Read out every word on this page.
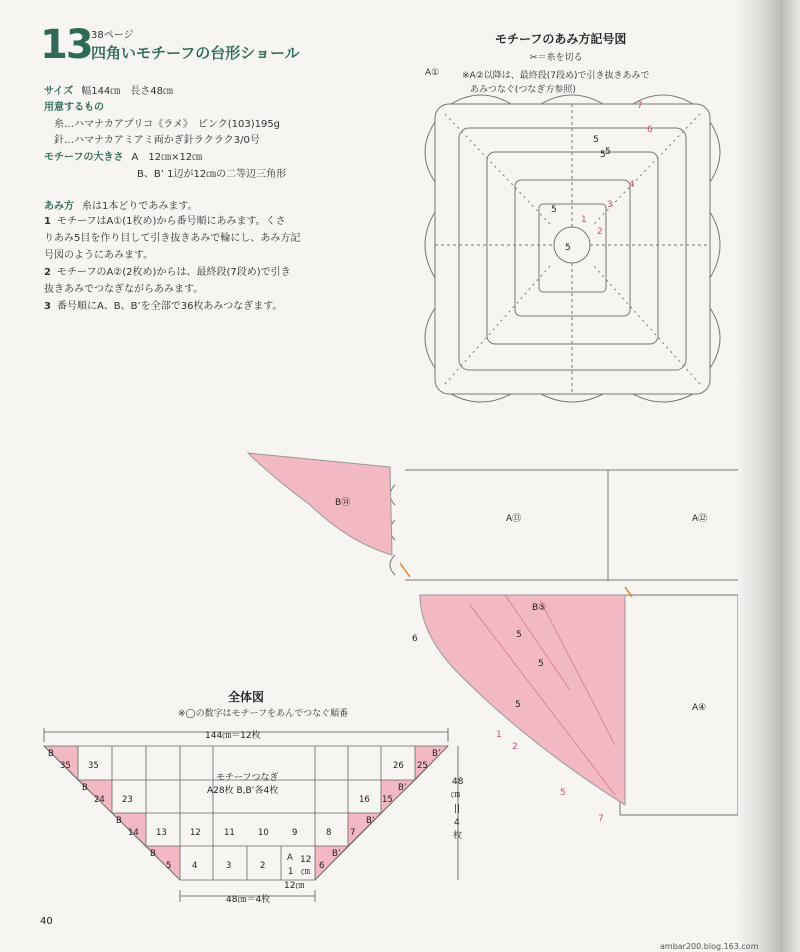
13 38ページ
四角いモチーフの台形ショール
サイズ 幅144㎝　長さ48㎝
用意するもの
糸…ハマナカアプリコ《ラメ》　ピンク(103)195g
針…ハマナカアミアミ両かぎ針ラクラク3/0号
モチーフの大きさ A　12㎝×12㎝
B、B’ 1辺が12㎝の二等辺三角形
あみ方 糸は1本どりであみます。
1 モチーフはA①(1枚め)から番号順にあみます。くさ
りあみ5目を作り目して引き抜きあみで輪にし、あみ方記
号図のようにあみます。
2 モチーフのA②(2枚め)からは、最終段(7段め)で引き
抜きあみでつなぎながらあみます。
3 番号順にA、B、B’を全部で36枚あみつなぎます。
モチーフのあみ方記号図
✂＝糸を切る
A①	※A②以降は、最終段(7段め)で引き抜きあみで
あみつなぐ(つなぎ方参照)
5
5
5
5
5
6
7
4
3
2
1
B⑭
B⑤
A⑬	A⑫
A④
6
5
5
5
1
2
5
7
全体図
※◯の数字はモチーフをあんでつなぐ順番
B
35 35	26 25
B’
B
24 23	16 15
B’
B
14 13	12	11	10	9	8 7
B’
B
5 4	3	2
A
1
6
B’
144㎝＝12枚
モチーフつなぎ
A28枚 B,B’各4枚
48
㎝
||
4
枚
48㎝＝4枚
12㎝
12
㎝
40
ambar200.blog.163.com
